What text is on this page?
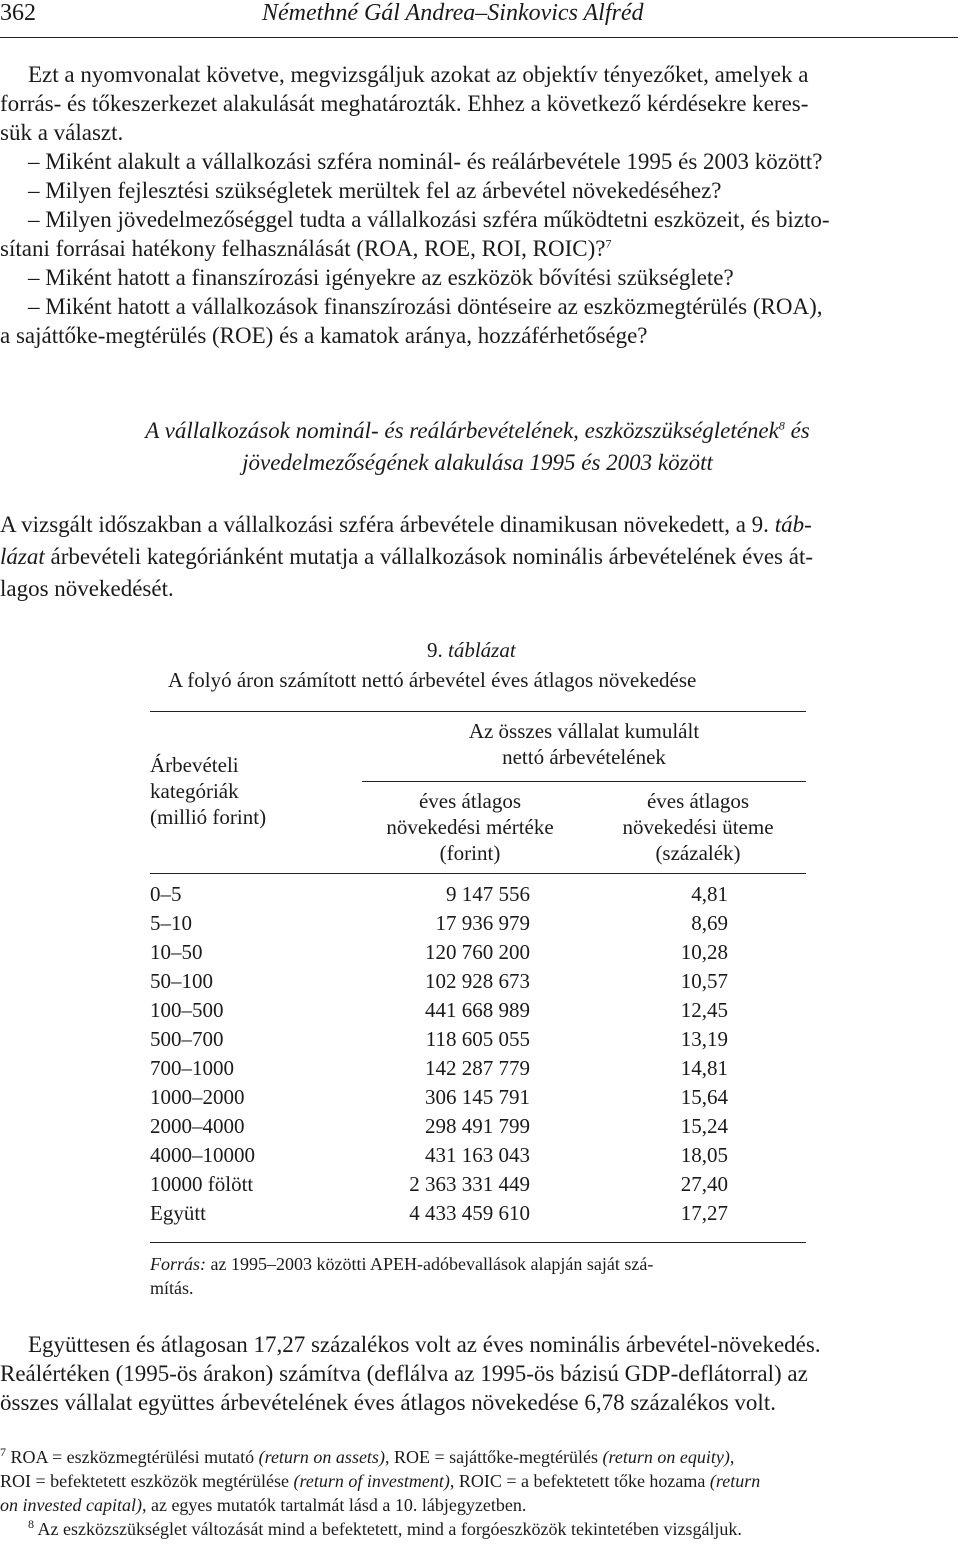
362	Némethné Gál Andrea–Sinkovics Alfréd
Ezt a nyomvonalat követve, megvizsgáljuk azokat az objektív tényezőket, amelyek a
forrás- és tőkeszerkezet alakulását meghatározták. Ehhez a következő kérdésekre keres-
sük a választ.
– Miként alakult a vállalkozási szféra nominál- és reálárbevétele 1995 és 2003 között?
– Milyen fejlesztési szükségletek merültek fel az árbevétel növekedéséhez?
– Milyen jövedelmezőséggel tudta a vállalkozási szféra működtetni eszközeit, és bizto-
sítani forrásai hatékony felhasználását (ROA, ROE, ROI, ROIC)?$^7$
– Miként hatott a finanszírozási igényekre az eszközök bővítési szükséglete?
– Miként hatott a vállalkozások finanszírozási döntéseire az eszközmegtérülés (ROA),
a sajáttőke-megtérülés (ROE) és a kamatok aránya, hozzáférhetősége?
A vállalkozások nominál- és reálárbevételének, eszközszükségletének$^8$ és
jövedelmezőségének alakulása 1995 és 2003 között
A vizsgált időszakban a vállalkozási szféra árbevétele dinamikusan növekedett, a 9. táb-
lázat árbevételi kategóriánként mutatja a vállalkozások nominális árbevételének éves át-
lagos növekedését.
9. táblázat
A folyó áron számított nettó árbevétel éves átlagos növekedése
Árbevételi
kategóriák
(millió forint)
Az összes vállalat kumulált
nettó árbevételének
éves átlagos
növekedési mértéke
(forint)
éves átlagos
növekedési üteme
(százalék)
0–5	9 147 556	4,81
5–10	17 936 979	8,69
10–50	120 760 200	10,28
50–100	102 928 673	10,57
100–500	441 668 989	12,45
500–700	118 605 055	13,19
700–1000	142 287 779	14,81
1000–2000	306 145 791	15,64
2000–4000	298 491 799	15,24
4000–10000	431 163 043	18,05
10000 fölött	2 363 331 449	27,40
Együtt	4 433 459 610	17,27
Forrás: az 1995–2003 közötti APEH-adóbevallások alapján saját szá-
mítás.
Együttesen és átlagosan 17,27 százalékos volt az éves nominális árbevétel-növekedés.
Reálértéken (1995-ös árakon) számítva (deflálva az 1995-ös bázisú GDP-deflátorral) az
összes vállalat együttes árbevételének éves átlagos növekedése 6,78 százalékos volt.
$^7$ ROA = eszközmegtérülési mutató (return on assets), ROE = sajáttőke-megtérülés (return on equity),
ROI = befektetett eszközök megtérülése (return of investment), ROIC = a befektetett tőke hozama (return
on invested capital), az egyes mutatók tartalmát lásd a 10. lábjegyzetben.
$^8$ Az eszközszükséglet változását mind a befektetett, mind a forgóeszközök tekintetében vizsgáljuk.
